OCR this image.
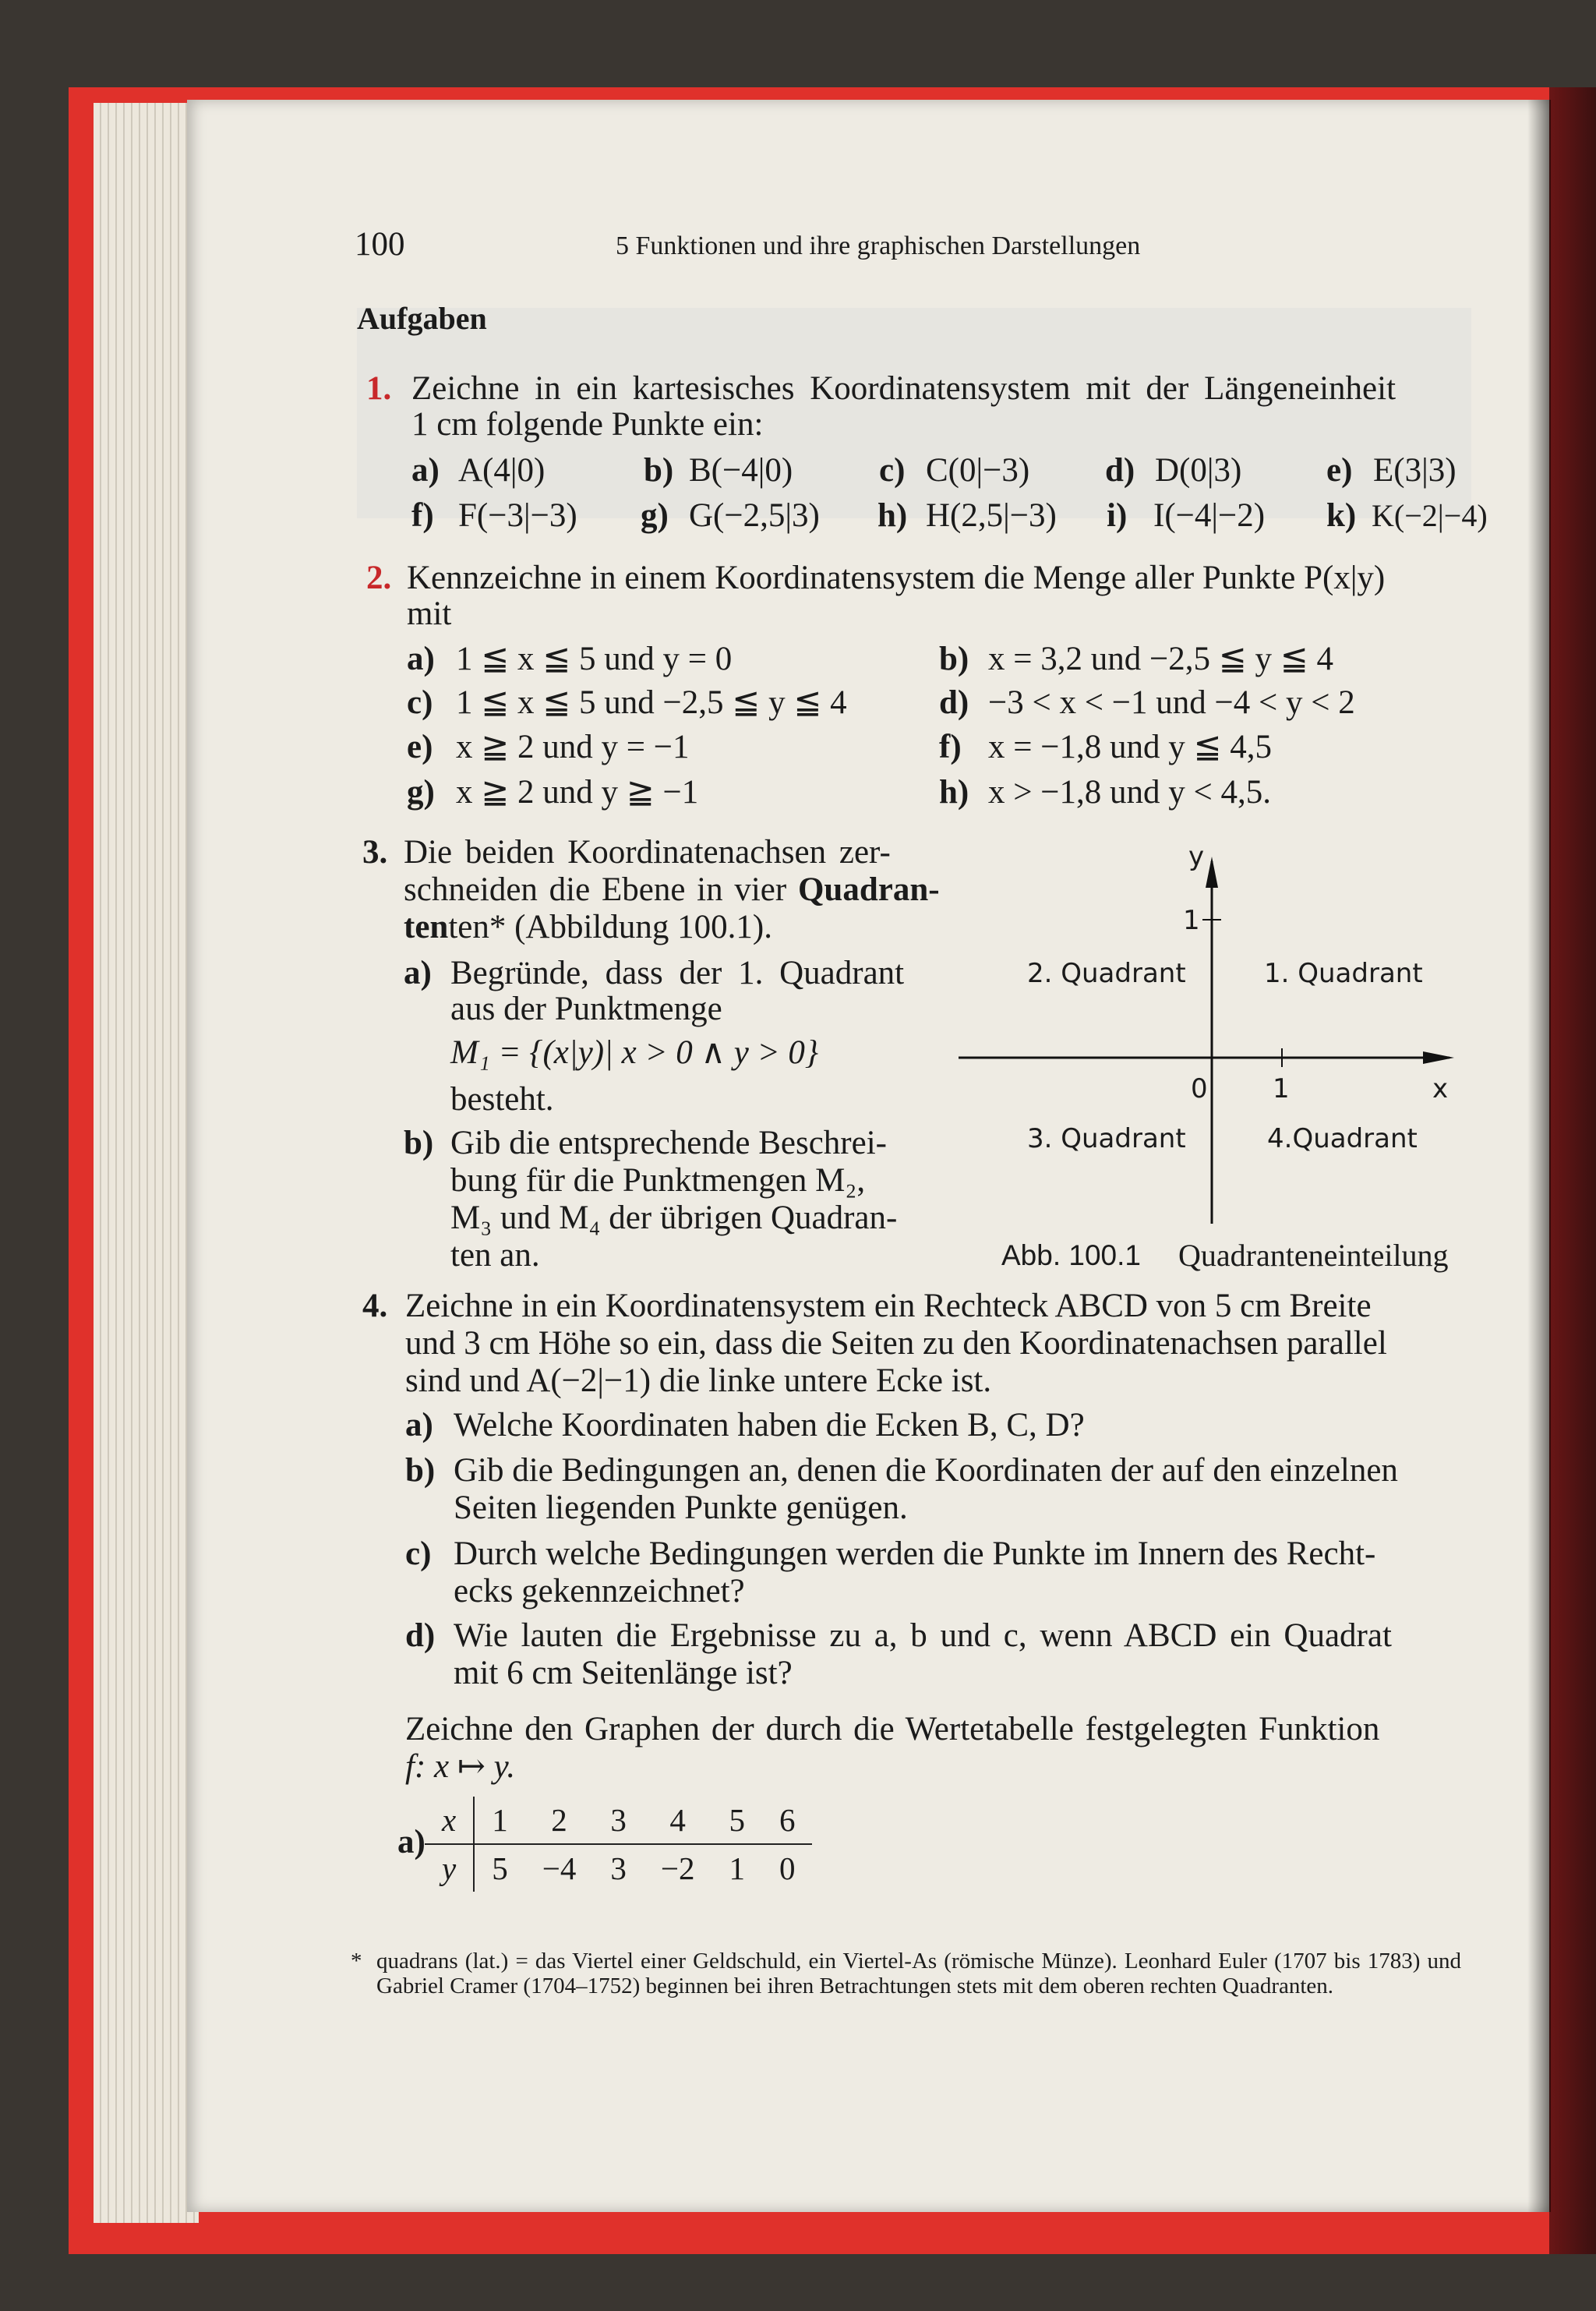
100	5 Funktionen und ihre graphischen Darstellungen
Aufgaben
1. Zeichne in ein kartesisches Koordinatensystem mit der Längeneinheit
1 cm folgende Punkte ein:
a) A(4|0)	b) B(−4|0)	c) C(0|−3) d) D(0|3)	e) E(3|3)
f) F(−3|−3) g) G(−2,5|3) h) H(2,5|−3) i) I(−4|−2) k) K(−2|−4)
2. Kennzeichne in einem Koordinatensystem die Menge aller Punkte P(x|y)
mit
a) 1 ≦ x ≦ 5 und y = 0	b) x = 3,2 und −2,5 ≦ y ≦ 4
c) 1 ≦ x ≦ 5 und −2,5 ≦ y ≦ 4	d) −3 < x < −1 und −4 < y < 2
e) x ≧ 2 und y = −1	f) x = −1,8 und y ≦ 4,5
g) x ≧ 2 und y ≧ −1	h) x > −1,8 und y < 4,5.
3. Die beiden Koordinatenachsen zer-
schneiden die Ebene in vier Quadran-
tenten* (Abbildung 100.1).
a) Begründe, dass der 1. Quadrant
aus der Punktmenge
M₁ = {(x|y)| x > 0 ∧ y > 0}
besteht.
b) Gib die entsprechende Beschrei-
bung für die Punktmengen M₂,
M₃ und M₄ der übrigen Quadran-
ten an.
y
1
2. Quadrant	1. Quadrant
0 1	x
3. Quadrant	4.Quadrant
Abb. 100.1 Quadranteneinteilung
4. Zeichne in ein Koordinatensystem ein Rechteck ABCD von 5 cm Breite
und 3 cm Höhe so ein, dass die Seiten zu den Koordinatenachsen parallel
sind und A(−2|−1) die linke untere Ecke ist.
a) Welche Koordinaten haben die Ecken B, C, D?
b) Gib die Bedingungen an, denen die Koordinaten der auf den einzelnen
Seiten liegenden Punkte genügen.
c) Durch welche Bedingungen werden die Punkte im Innern des Recht-
ecks gekennzeichnet?
d) Wie lauten die Ergebnisse zu a, b und c, wenn ABCD ein Quadrat
mit 6 cm Seitenlänge ist?
Zeichne den Graphen der durch die Wertetabelle festgelegten Funktion
f: x ↦ y.
a)
x	1	2	3	4	5	6
y	5	−4	3	−2	1	0
* quadrans (lat.) = das Viertel einer Geldschuld, ein Viertel-As (römische Münze). Leonhard Euler (1707 bis 1783) und Gabriel Cramer (1704–1752) beginnen bei ihren Betrachtungen stets mit dem oberen rechten Quadranten.
